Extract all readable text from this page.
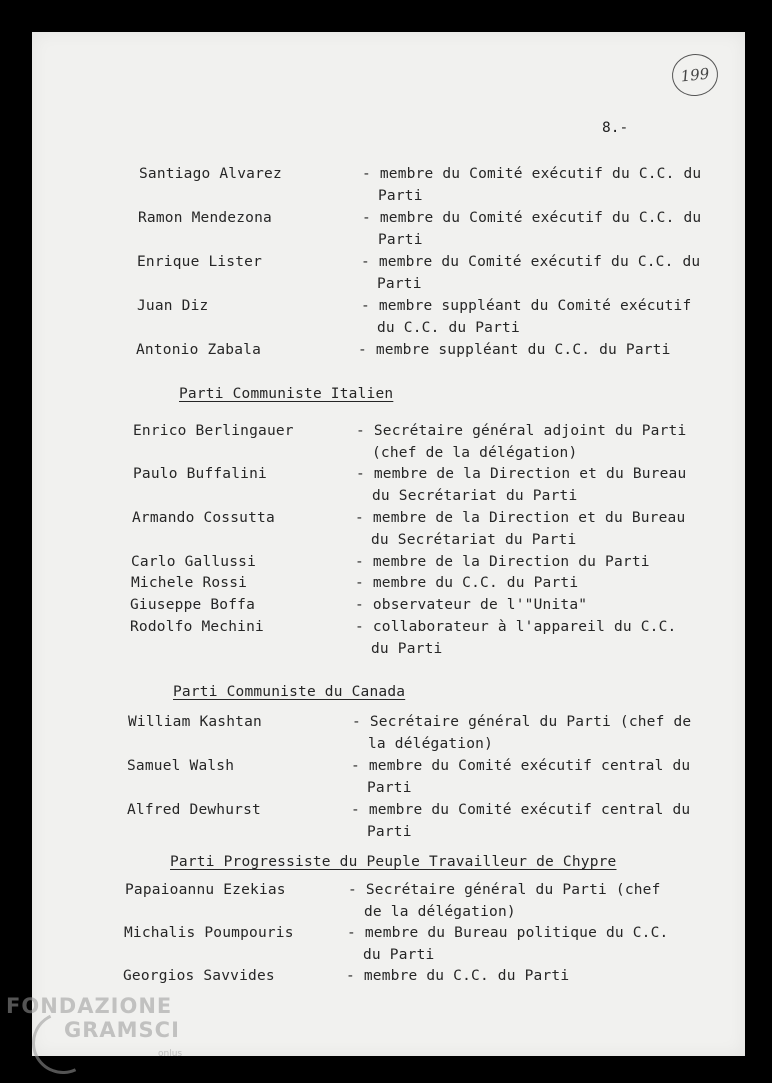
199
8.-
Santiago Alvarez	- membre du Comité exécutif du C.C. du
Parti
Ramon Mendezona	- membre du Comité exécutif du C.C. du
Parti
Enrique Lister	- membre du Comité exécutif du C.C. du
Parti
Juan Diz	- membre suppléant du Comité exécutif
du C.C. du Parti
Antonio Zabala	- membre suppléant du C.C. du Parti
Parti Communiste Italien
Enrico Berlingauer	- Secrétaire général adjoint du Parti
(chef de la délégation)
Paulo Buffalini	- membre de la Direction et du Bureau
du Secrétariat du Parti
Armando Cossutta	- membre de la Direction et du Bureau
du Secrétariat du Parti
Carlo Gallussi	- membre de la Direction du Parti
Michele Rossi	- membre du C.C. du Parti
Giuseppe Boffa	- observateur de l'"Unita"
Rodolfo Mechini	- collaborateur à l'appareil du C.C.
du Parti
Parti Communiste du Canada
William Kashtan	- Secrétaire général du Parti (chef de
la délégation)
Samuel Walsh	- membre du Comité exécutif central du
Parti
Alfred Dewhurst	- membre du Comité exécutif central du
Parti
Parti Progressiste du Peuple Travailleur de Chypre
Papaioannu Ezekias	- Secrétaire général du Parti (chef
de la délégation)
Michalis Poumpouris	- membre du Bureau politique du C.C.
du Parti
Georgios Savvides	- membre du C.C. du Parti
FONDAZIONE
GRAMSCI
onlus
